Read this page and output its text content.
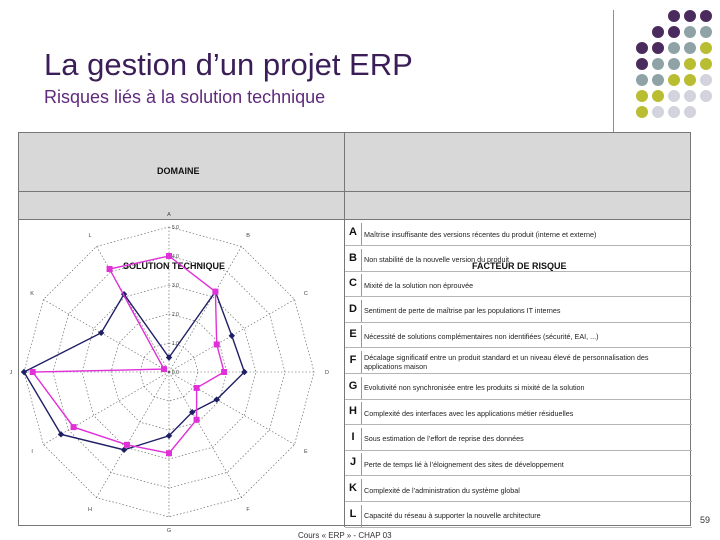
La gestion d’un projet ERP
Risques liés à la solution technique
DOMAINE
SOLUTION TECHNIQUE	FACTEUR DE RISQUE
A Maîtrise insuffisante des versions récentes du produit (interne et externe)
B Non stabilité de la nouvelle version du produit
C Mixité de la solution non éprouvée
D Sentiment de perte de maîtrise par les populations IT internes
E	Nécessité de solutions complémentaires non identifiées (sécurité, EAI, ...)
F	Décalage significatif entre un produit standard et un niveau élevé de personnalisation des applications maison
G Evolutivité non synchronisée entre les produits si mixité de la solution
H Complexité des interfaces avec les applications métier résiduelles
I	Sous estimation de l’effort de reprise des données
J	Perte de temps lié à l’éloignement des sites de développement
K Complexité de l’administration du système global
L	Capacité du réseau à supporter la nouvelle architecture
A
B
C
D
E
F
G
H
I
J
K
L
5.0
4.0
3.0
2.0
1.0
0.0
59
Cours « ERP » - CHAP 03
